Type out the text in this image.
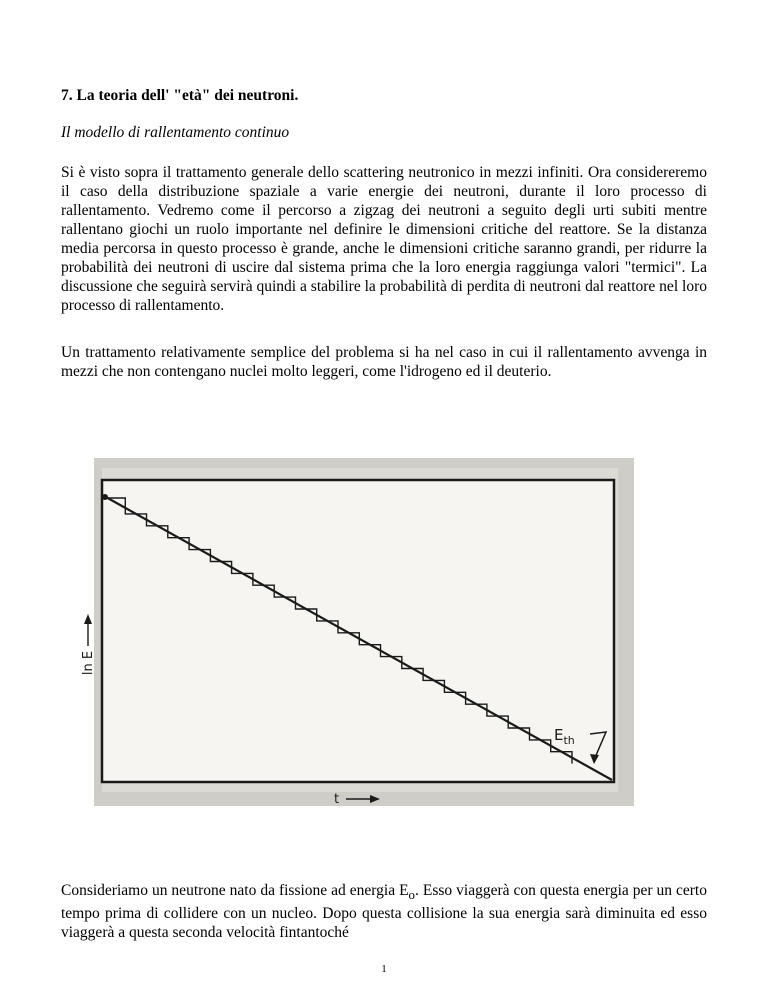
7. La teoria dell' "età" dei neutroni.

Il modello di rallentamento continuo

Si è visto sopra il trattamento generale dello scattering neutronico in mezzi infiniti. Ora considereremo il caso della distribuzione spaziale a varie energie dei neutroni, durante il loro processo di rallentamento. Vedremo come il percorso a zigzag dei neutroni a seguito degli urti subiti mentre rallentano giochi un ruolo importante nel definire le dimensioni critiche del reattore. Se la distanza media percorsa in questo processo è grande, anche le dimensioni critiche saranno grandi, per ridurre la probabilità dei neutroni di uscire dal sistema prima che la loro energia raggiunga valori "termici". La discussione che seguirà servirà quindi a stabilire la probabilità di perdita di neutroni dal reattore nel loro processo di rallentamento.

Un trattamento relativamente semplice del problema si ha nel caso in cui il rallentamento avvenga in mezzi che non contengano nuclei molto leggeri, come l'idrogeno ed il deuterio.

ln E
t
$E_{th}$

Consideriamo un neutrone nato da fissione ad energia $E_o$. Esso viaggerà con questa energia per un certo tempo prima di collidere con un nucleo. Dopo questa collisione la sua energia sarà diminuita ed esso viaggerà a questa seconda velocità fintantoché

1
